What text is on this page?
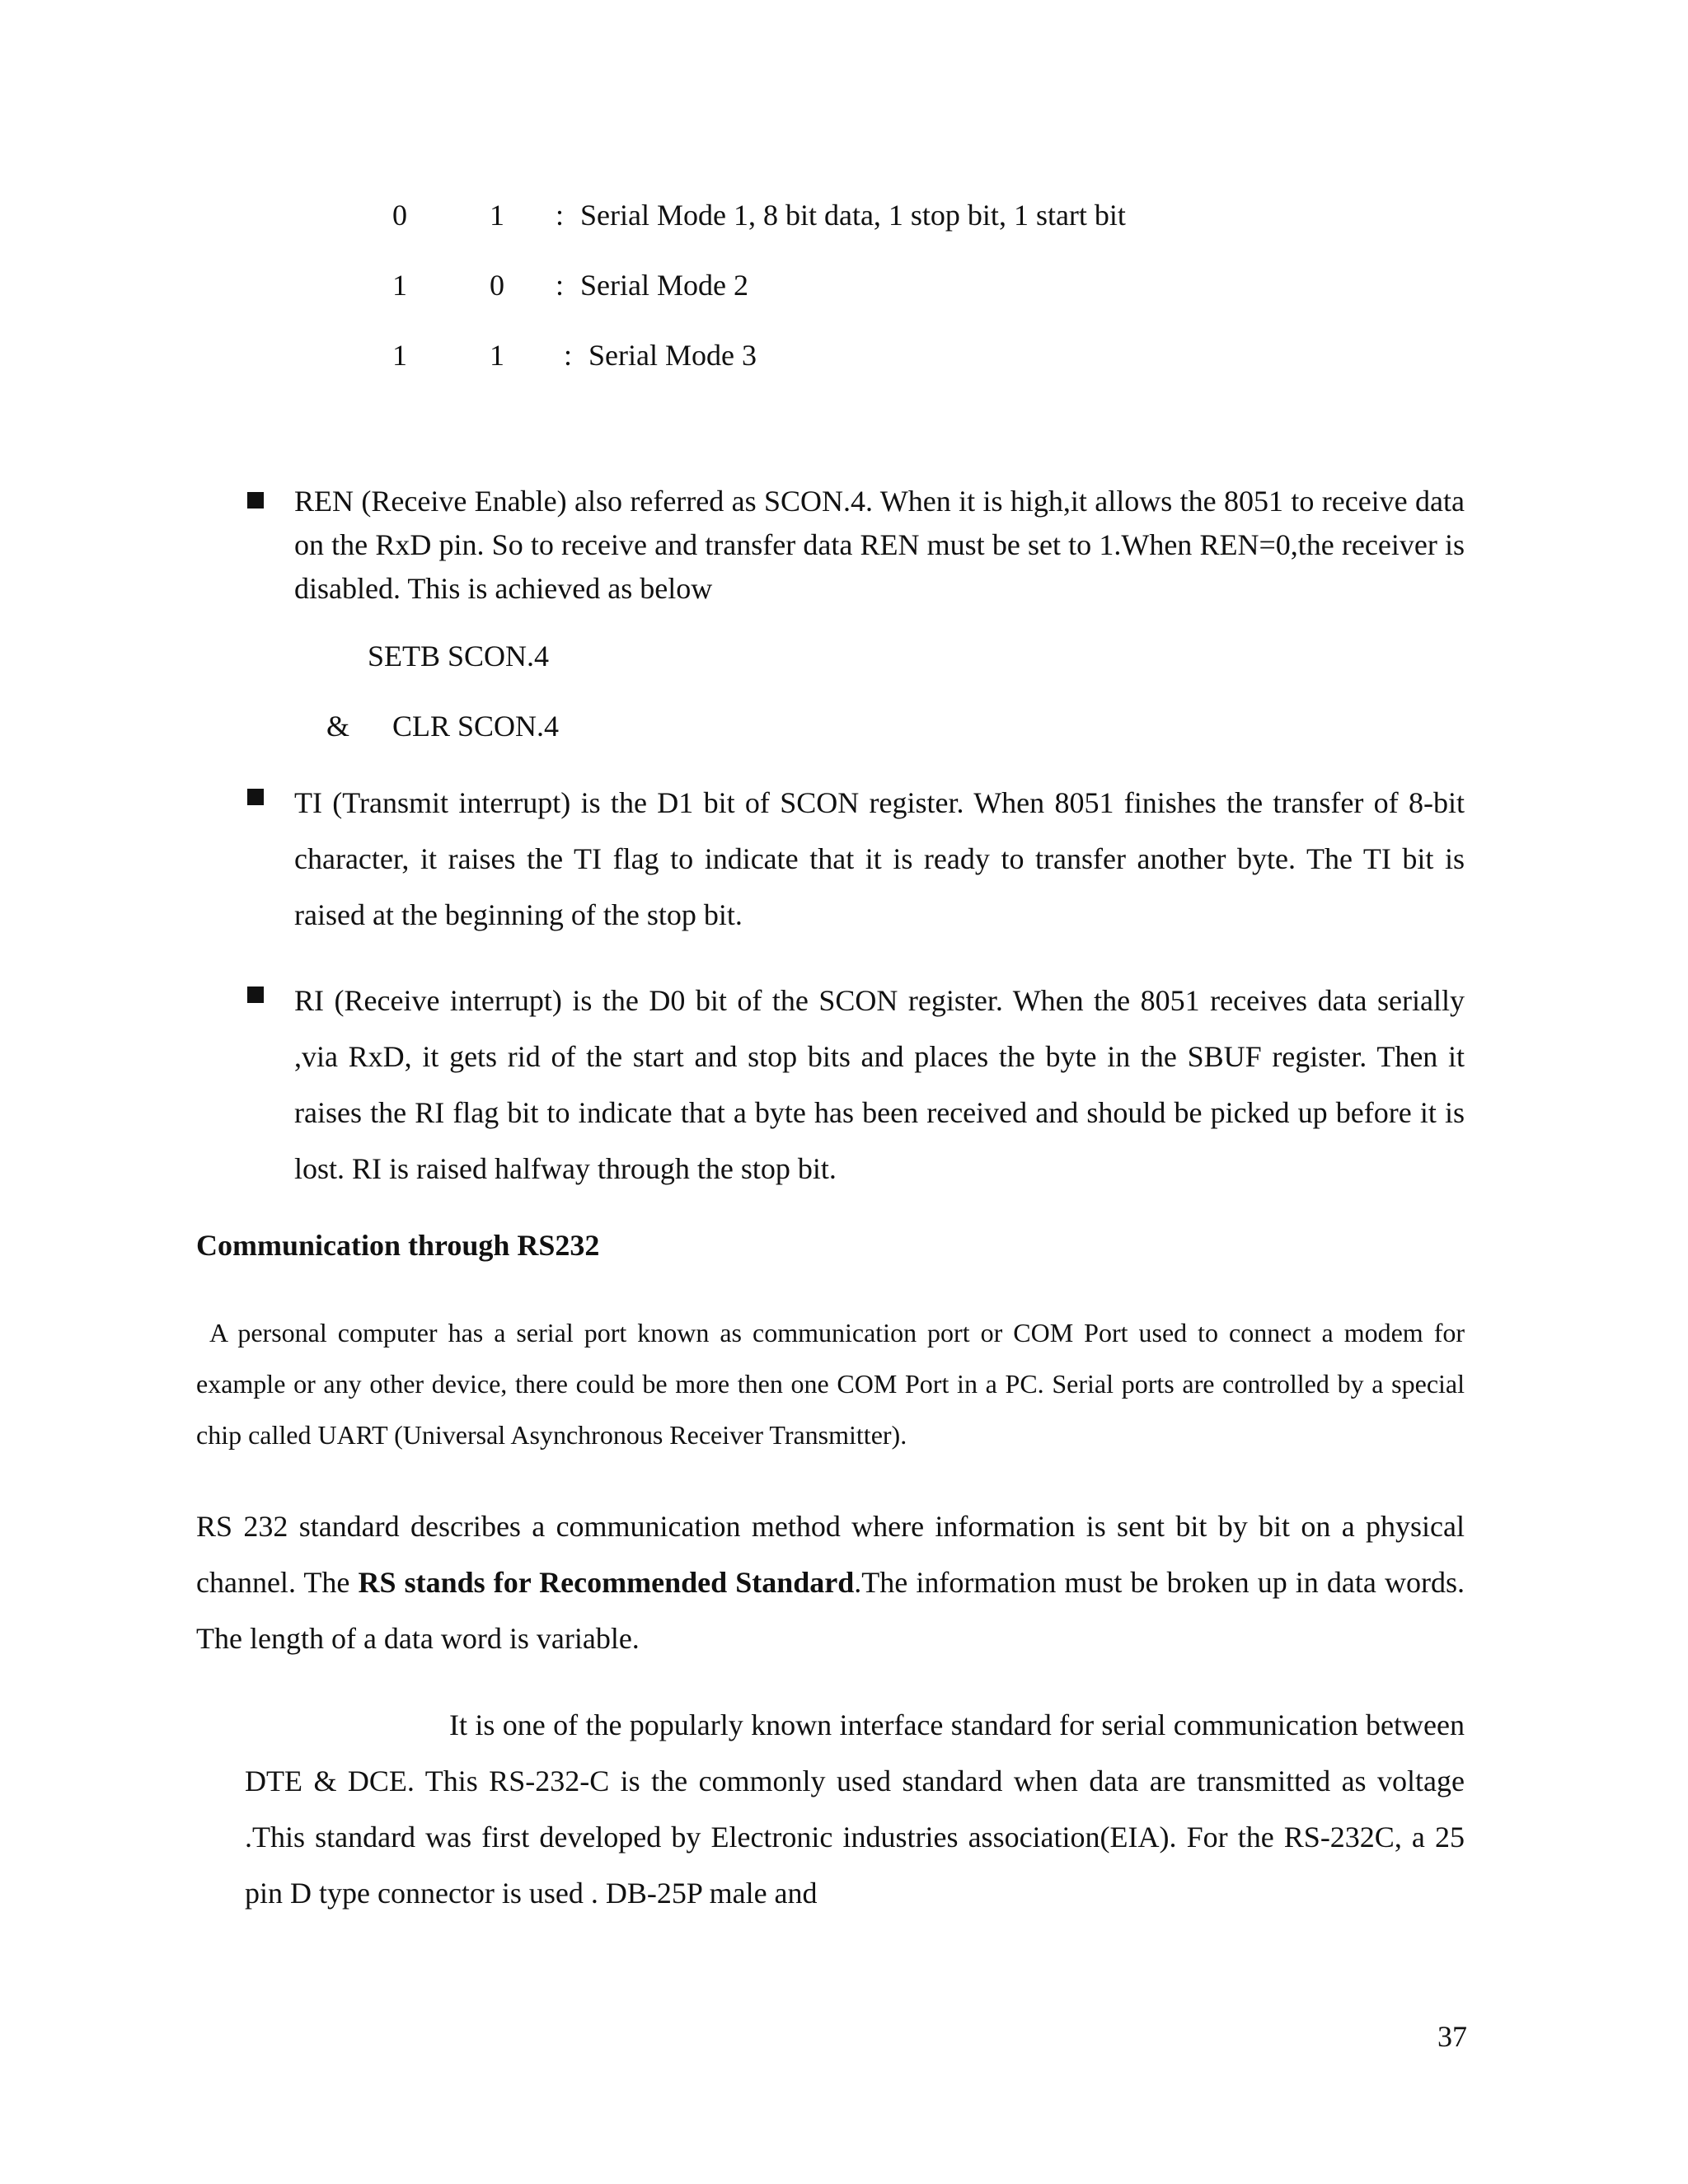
0	1 : Serial Mode 1, 8 bit data, 1 stop bit, 1 start bit
1	0 : Serial Mode 2
1	1 : Serial Mode 3
REN (Receive Enable) also referred as SCON.4. When it is high,it allows the 8051 to receive data on the RxD pin. So to receive and transfer data REN must be set to 1.When REN=0,the receiver is disabled. This is achieved as below
SETB SCON.4
& CLR SCON.4
TI (Transmit interrupt) is the D1 bit of SCON register. When 8051 finishes the transfer of 8-bit character, it raises the TI flag to indicate that it is ready to transfer another byte. The TI bit is raised at the beginning of the stop bit.
RI (Receive interrupt) is the D0 bit of the SCON register. When the 8051 receives data serially ,via RxD, it gets rid of the start and stop bits and places the byte in the SBUF register. Then it raises the RI flag bit to indicate that a byte has been received and should be picked up before it is lost. RI is raised halfway through the stop bit.
Communication through RS232
A personal computer has a serial port known as communication port or COM Port used to connect a modem for example or any other device, there could be more then one COM Port in a PC. Serial ports are controlled by a special chip called UART (Universal Asynchronous Receiver Transmitter).
RS 232 standard describes a communication method where information is sent bit by bit on a physical channel. The RS stands for Recommended Standard.The information must be broken up in data words. The length of a data word is variable.
It is one of the popularly known interface standard for serial communication between DTE & DCE. This RS-232-C is the commonly used standard when data are transmitted as voltage .This standard was first developed by Electronic industries association(EIA). For the RS-232C, a 25 pin D type connector is used . DB-25P male and
37
